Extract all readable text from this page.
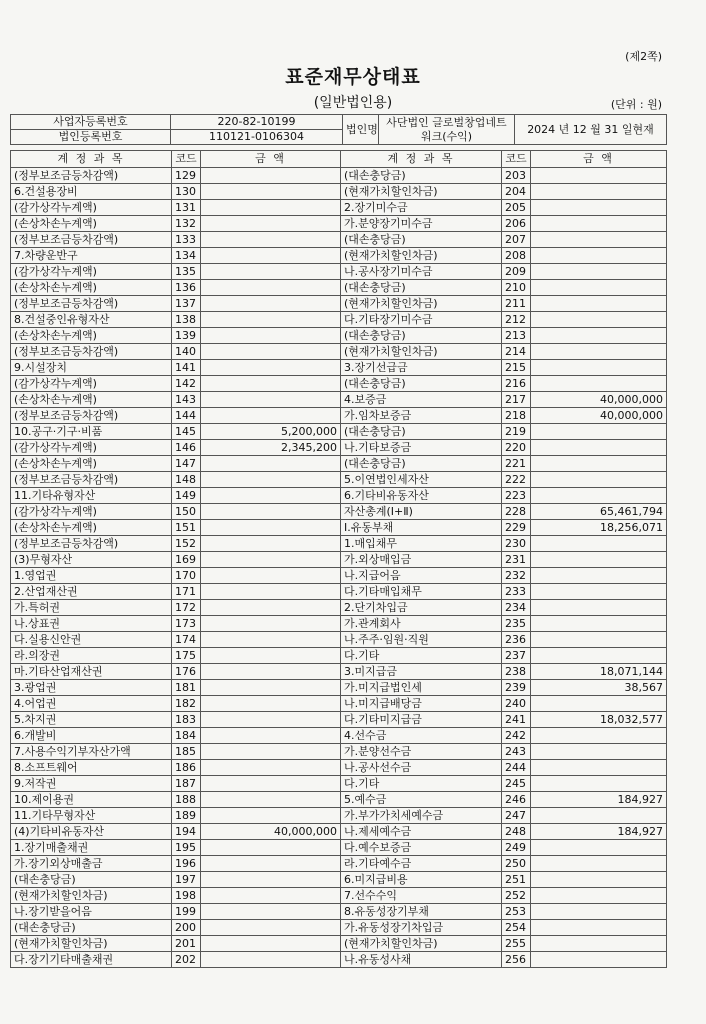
(제2쪽)
표준재무상태표
(일반법인용)	(단위 : 원)
사업자등록번호	220-82-10199	법인명	사단법인 글로벌창업네트워크(수익)	2024 년 12 월 31 일현재
법인등록번호	110121-0106304			
계 정 과 목	코드	금 액	계 정 과 목	코드	금 액
(정부보조금등차감액)	129		(대손충당금)	203	
6.건설용장비	130		(현재가치할인차금)	204	
(감가상각누계액)	131		2.장기미수금	205	
(손상차손누계액)	132		가.분양장기미수금	206	
(정부보조금등차감액)	133		(대손충당금)	207	
7.차량운반구	134		(현재가치할인차금)	208	
(감가상각누계액)	135		나.공사장기미수금	209	
(손상차손누계액)	136		(대손충당금)	210	
(정부보조금등차감액)	137		(현재가치할인차금)	211	
8.건설중인유형자산	138		다.기타장기미수금	212	
(손상차손누계액)	139		(대손충당금)	213	
(정부보조금등차감액)	140		(현재가치할인차금)	214	
9.시설장치	141		3.장기선급금	215	
(감가상각누계액)	142		(대손충당금)	216	
(손상차손누계액)	143		4.보증금	217	40,000,000
(정부보조금등차감액)	144		가.임차보증금	218	40,000,000
10.공구·기구·비품	145	5,200,000	(대손충당금)	219	
(감가상각누계액)	146	2,345,200	나.기타보증금	220	
(손상차손누계액)	147		(대손충당금)	221	
(정부보조금등차감액)	148		5.이연법인세자산	222	
11.기타유형자산	149		6.기타비유동자산	223	
(감가상각누계액)	150		자산총계(Ⅰ+Ⅱ)	228	65,461,794
(손상차손누계액)	151		Ⅰ.유동부채	229	18,256,071
(정부보조금등차감액)	152		1.매입채무	230	
(3)무형자산	169		가.외상매입금	231	
1.영업권	170		나.지급어음	232	
2.산업재산권	171		다.기타매입채무	233	
가.특허권	172		2.단기차입금	234	
나.상표권	173		가.관계회사	235	
다.실용신안권	174		나.주주·임원·직원	236	
라.의장권	175		다.기타	237	
마.기타산업재산권	176		3.미지급금	238	18,071,144
3.광업권	181		가.미지급법인세	239	38,567
4.어업권	182		나.미지급배당금	240	
5.차지권	183		다.기타미지급금	241	18,032,577
6.개발비	184		4.선수금	242	
7.사용수익기부자산가액	185		가.분양선수금	243	
8.소프트웨어	186		나.공사선수금	244	
9.저작권	187		다.기타	245	
10.제이용권	188		5.예수금	246	184,927
11.기타무형자산	189		가.부가가치세예수금	247	
(4)기타비유동자산	194	40,000,000	나.제세예수금	248	184,927
1.장기매출채권	195		다.예수보증금	249	
가.장기외상매출금	196		라.기타예수금	250	
(대손충당금)	197		6.미지급비용	251	
(현재가치할인차금)	198		7.선수수익	252	
나.장기받을어음	199		8.유동성장기부채	253	
(대손충당금)	200		가.유동성장기차입금	254	
(현재가치할인차금)	201		(현재가치할인차금)	255	
다.장기기타매출채권	202		나.유동성사채	256	
